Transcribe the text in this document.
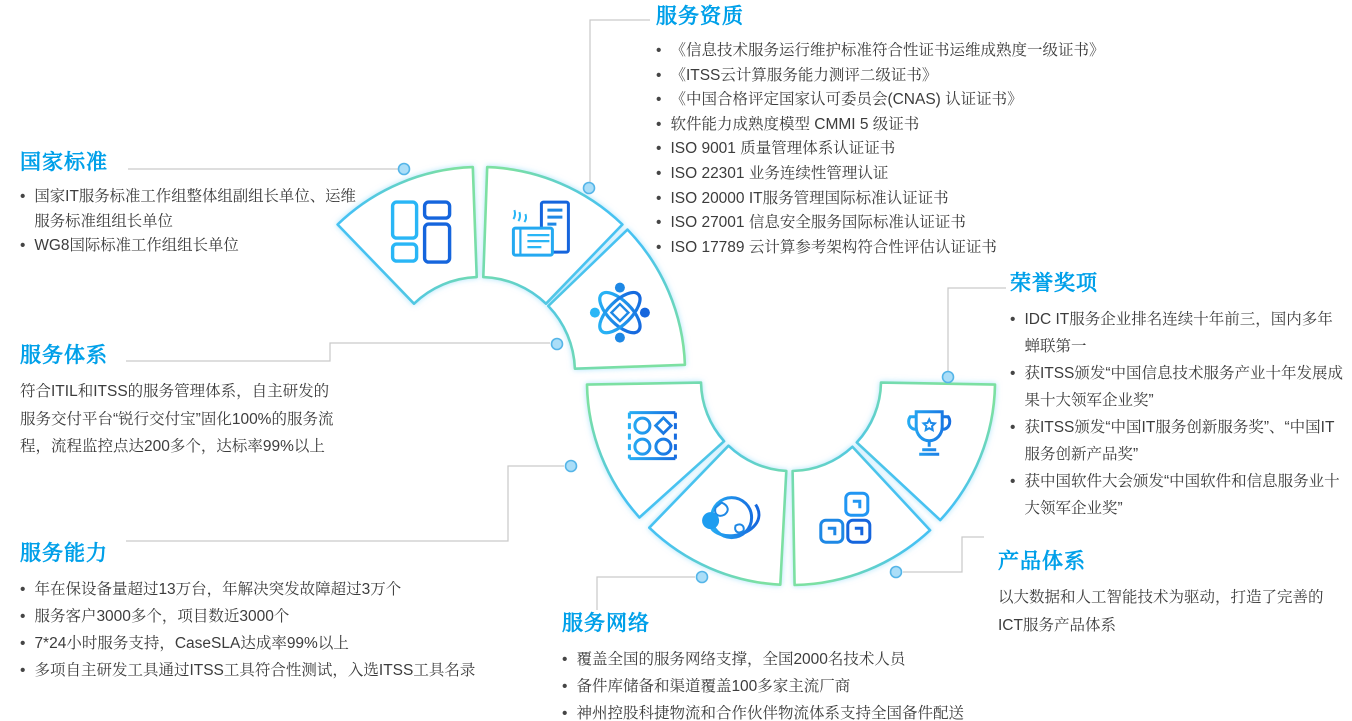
国家标准
• 国家IT服务标准工作组整体组副组长单位、运维服务标准组组长单位
• WG8国际标准工作组组长单位
服务资质
• 《信息技术服务运行维护标准符合性证书运维成熟度一级证书》
• 《ITSS云计算服务能力测评二级证书》
• 《中国合格评定国家认可委员会(CNAS) 认证证书》
• 软件能力成熟度模型 CMMI 5 级证书
• ISO 9001 质量管理体系认证证书
• ISO 22301 业务连续性管理认证
• ISO 20000 IT服务管理国际标准认证证书
• ISO 27001 信息安全服务国际标准认证证书
• ISO 17789 云计算参考架构符合性评估认证证书
服务体系

符合ITIL和ITSS的服务管理体系，自主研发的服务交付平台“锐行交付宝”固化100%的服务流程，流程监控点达200多个，达标率99%以上

服务能力
• 年在保设备量超过13万台，年解决突发故障超过3万个
• 服务客户3000多个，项目数近3000个
• 7*24小时服务支持，CaseSLA达成率99%以上
• 多项自主研发工具通过ITSS工具符合性测试，入选ITSS工具名录
荣誉奖项
• IDC IT服务企业排名连续十年前三，国内多年蝉联第一
• 获ITSS颁发“中国信息技术服务产业十年发展成果十大领军企业奖”
• 获ITSS颁发“中国IT服务创新服务奖”、“中国IT服务创新产品奖”
• 获中国软件大会颁发“中国软件和信息服务业十大领军企业奖”
产品体系

以大数据和人工智能技术为驱动，打造了完善的ICT服务产品体系

服务网络
• 覆盖全国的服务网络支撑，全国2000名技术人员
• 备件库储备和渠道覆盖100多家主流厂商
• 神州控股科捷物流和合作伙伴物流体系支持全国备件配送
